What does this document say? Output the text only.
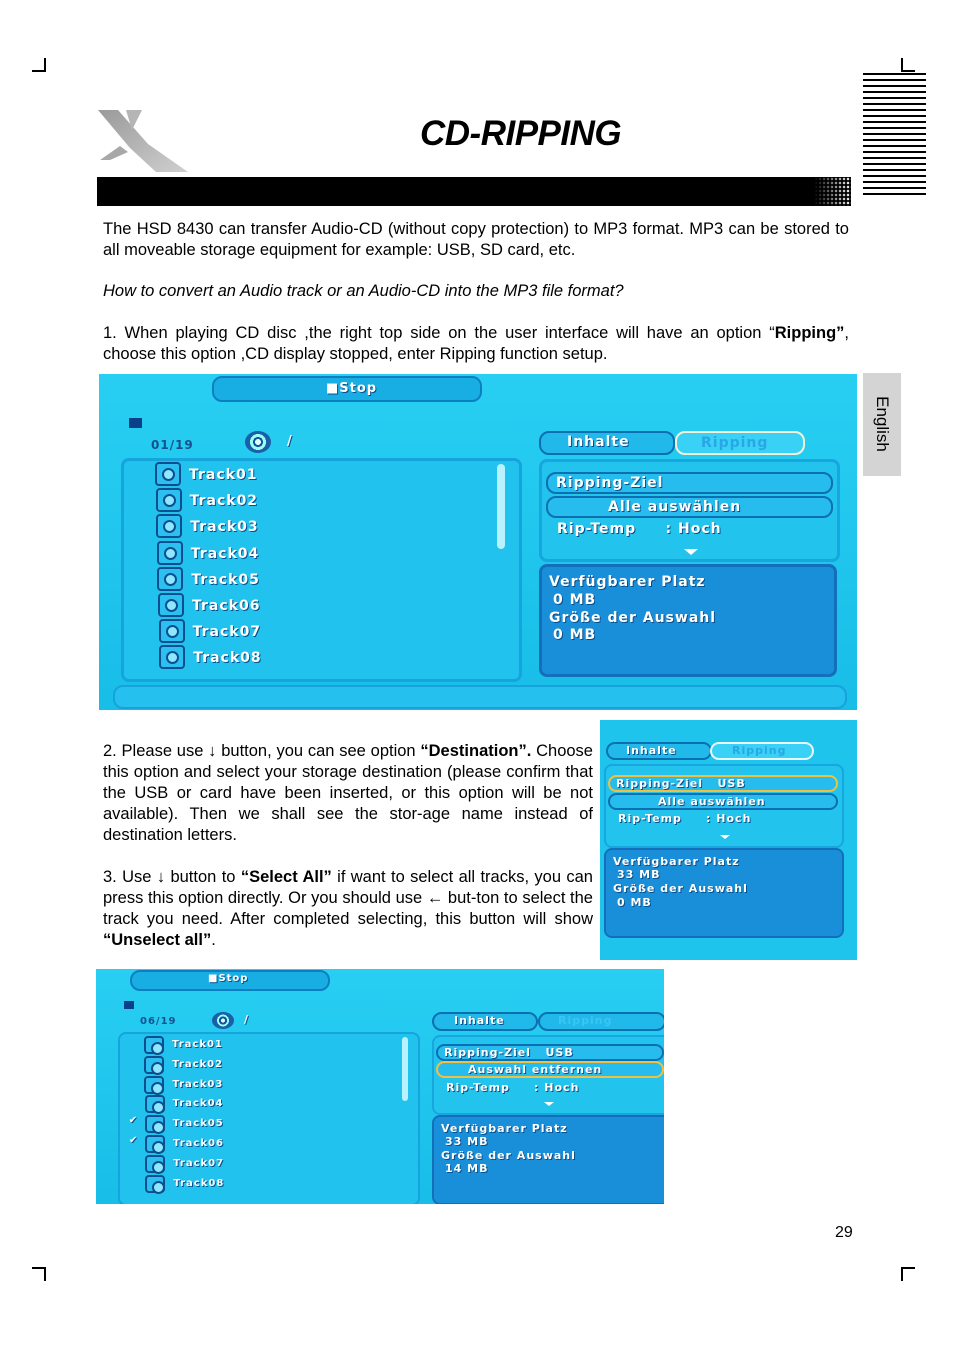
CD-RIPPING
English
The HSD 8430 can transfer Audio-CD (without copy protection) to MP3 format. MP3 can be stored to all moveable storage equipment for example: USB, SD card, etc.
How to convert an Audio track or an Audio-CD into the MP3 file format?
1. When playing CD disc ,the right top side on the user interface will have an option “Ripping”, choose this option ,CD display stopped, enter Ripping function setup.
■Stop
01/19	/
Track01
Track02
Track03
Track04
Track05
Track06
Track07
Track08
Inhalte	Ripping
Ripping-Ziel
Alle auswählen
Rip-Temp     : Hoch
Verfügbarer Platz
0 MB
Größe der Auswahl
0 MB
2. Please use ↓ button, you can see option “Destination”. Choose this option and select your storage destination (please confirm that the USB or card have been inserted, or this option will be not available). Then we shall see the stor-age name instead of destination letters.
Inhalte	Ripping
Ripping-Ziel   USB
Alle auswählen
Rip-Temp     : Hoch
Verfügbarer Platz
33 MB
Größe der Auswahl
0 MB
3. Use ↓ button to “Select All” if want to select all tracks, you can press this option directly. Or you should use ← but-ton to select the track you need. After completed selecting, this button will show “Unselect all”.
■Stop
06/19	/
Track01
Track02
Track03
Track04
✔	Track05
✔	Track06
Track07
Track08
Inhalte	Ripping
Ripping-Ziel   USB
Auswahl entfernen
Rip-Temp     : Hoch
Verfügbarer Platz
33 MB
Größe der Auswahl
14 MB
29
